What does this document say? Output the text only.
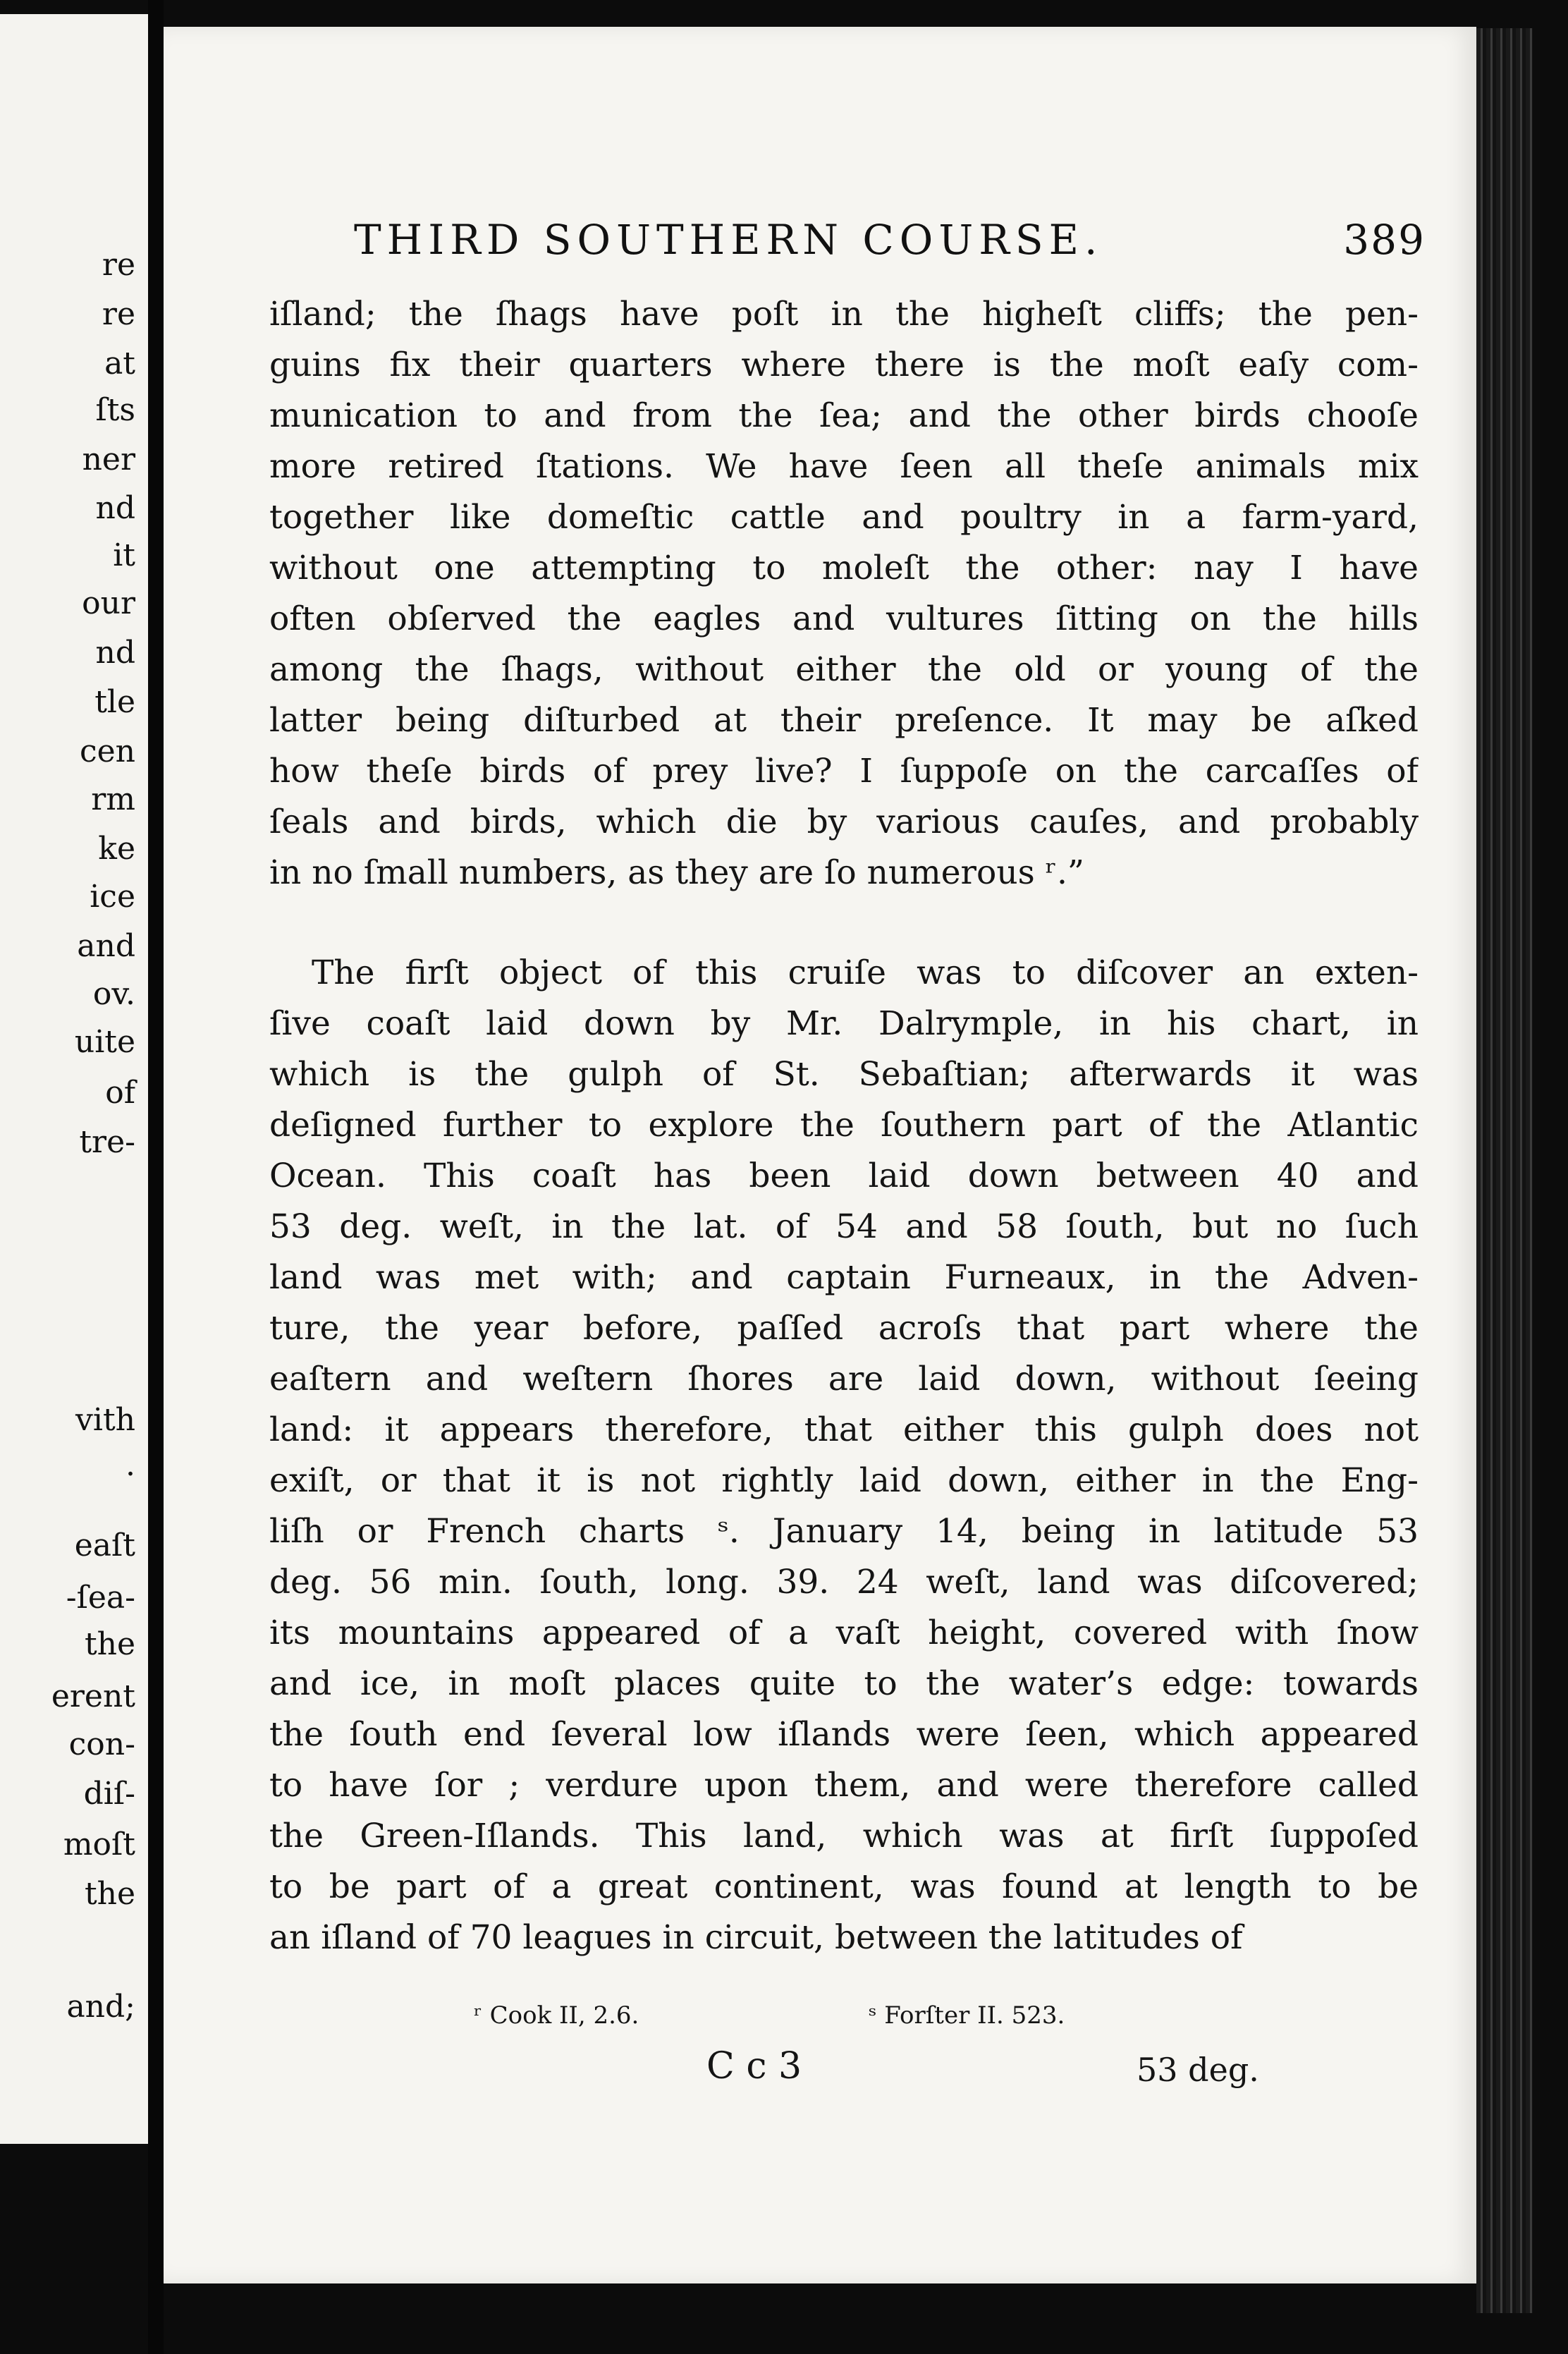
re
re
at
ſts
ner
nd
it
our
nd
tle
cen
rm
ke
ice
and
ov.
uite
of
tre-
vith
.
eaſt
-ſea-
the
erent
con-
diſ-
moſt
the
and;
THIRD SOUTHERN COURSE.	389
iſland; the ſhags have poſt in the higheſt cliffs; the pen-
guins fix their quarters where there is the moſt eaſy com-
munication to and from the ſea; and the other birds chooſe
more retired ſtations. We have ſeen all theſe animals mix
together like domeſtic cattle and poultry in a farm-yard,
without one attempting to moleſt the other: nay I have
often obſerved the eagles and vultures ſitting on the hills
among the ſhags, without either the old or young of the
latter being diſturbed at their preſence. It may be aſked
how theſe birds of prey live? I ſuppoſe on the carcaſſes of
ſeals and birds, which die by various cauſes, and probably
in no ſmall numbers, as they are ſo numerous ʳ.”
The firſt object of this cruiſe was to diſcover an exten-
ſive coaſt laid down by Mr. Dalrymple, in his chart, in
which is the gulph of St. Sebaſtian; afterwards it was
deſigned further to explore the ſouthern part of the Atlantic
Ocean. This coaſt has been laid down between 40 and
53 deg. weſt, in the lat. of 54 and 58 ſouth, but no ſuch
land was met with; and captain Furneaux, in the Adven-
ture, the year before, paſſed acroſs that part where the
eaſtern and weſtern ſhores are laid down, without ſeeing
land: it appears therefore, that either this gulph does not
exiſt, or that it is not rightly laid down, either in the Eng-
liſh or French charts ˢ. January 14, being in latitude 53
deg. 56 min. ſouth, long. 39. 24 weſt, land was diſcovered;
its mountains appeared of a vaſt height, covered with ſnow
and ice, in moſt places quite to the water’s edge: towards
the ſouth end ſeveral low iſlands were ſeen, which appeared
to have ſor ; verdure upon them, and were therefore called
the Green-Iſlands. This land, which was at firſt ſuppoſed
to be part of a great continent, was found at length to be
an iſland of 70 leagues in circuit, between the latitudes of
ʳ Cook II, 2.6.	ˢ Forſter II. 523.
C c 3	53 deg.
